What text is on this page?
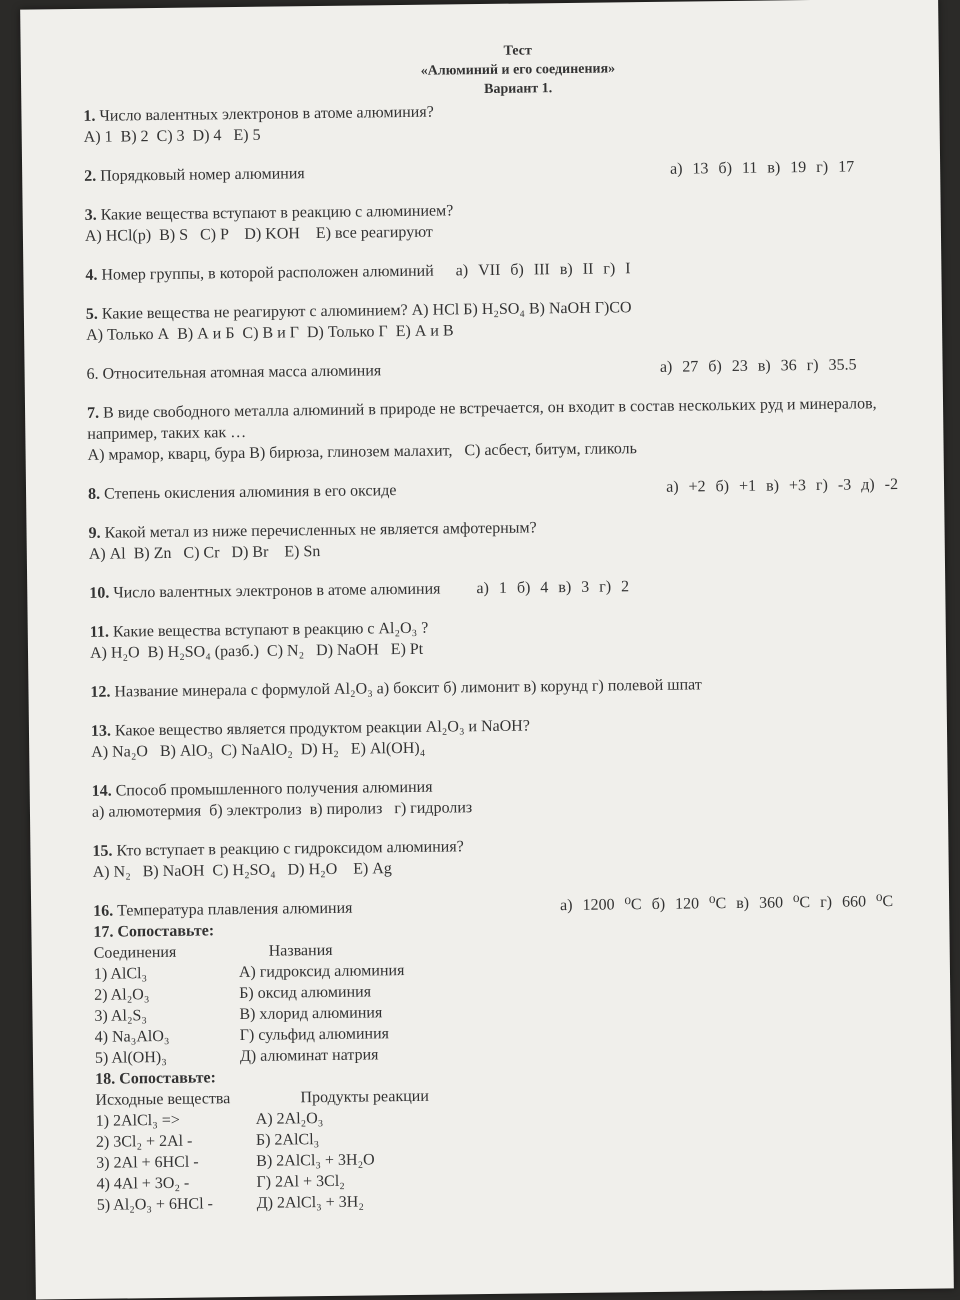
Тест
«Алюминий и его соединения»
Вариант 1.
1. Число валентных электронов в атоме алюминия?
А) 1  В) 2  С) 3  D) 4   Е) 5
2. Порядковый номер алюминия	а) 13 б) 11 в) 19 г) 17
3. Какие вещества вступают в реакцию с алюминием?
А) HCl(р)  В) S   С) P    D) KOH    Е) все реагируют
4. Номер группы, в которой расположен алюминий а) VII б) III в) II г) I
5. Какие вещества не реагируют с алюминием? А) HCl Б) H₂SO₄ В) NaOH Г)CO
А) Только А  В) А и Б  С) В и Г  D) Только Г  Е) А и В
6. Относительная атомная масса алюминия	а) 27 б) 23 в) 36 г) 35.5
7. В виде свободного металла алюминий в природе не встречается, он входит в состав нескольких руд и минералов, например, таких как …
А) мрамор, кварц, бура В) бирюза, глинозем малахит,   С) асбест, битум, гликоль
8. Степень окисления алюминия в его оксиде	а) +2 б) +1 в) +3 г) -3 д) -2
9. Какой метал из ниже перечисленных не является амфотерным?
А) Al  В) Zn   С) Cr   D) Br    Е) Sn
10. Число валентных электронов в атоме алюминия а) 1 б) 4 в) 3 г) 2
11. Какие вещества вступают в реакцию с Al₂O₃ ?
А) H₂O  В) H₂SO₄ (разб.)  С) N₂   D) NaOH   Е) Pt
12. Название минерала с формулой Al₂O₃ а) боксит б) лимонит в) корунд г) полевой шпат
13. Какое вещество является продуктом реакции Al₂O₃ и NaOH?
А) Na₂O   В) AlO₃  С) NaAlO₂  D) H₂   Е) Al(OH)₄
14. Способ промышленного получения алюминия
а) алюмотермия  б) электролиз  в) пиролиз   г) гидролиз
15. Кто вступает в реакцию с гидроксидом алюминия?
А) N₂   В) NaOH  С) H₂SO₄   D) H₂O    Е) Ag
16. Температура плавления алюминия	а) 1200 ⁰С б) 120 ⁰С в) 360 ⁰С г) 660 ⁰С
17. Сопоставьте:
Соединения	Названия
1) AlCl₃	А) гидроксид алюминия
2) Al₂O₃	Б) оксид алюминия
3) Al₂S₃	В) хлорид алюминия
4) Na₃AlO₃	Г) сульфид алюминия
5) Al(OH)₃	Д) алюминат натрия
18. Сопоставьте:
Исходные вещества	Продукты реакции
1) 2AlCl₃ =>	А) 2Al₂O₃
2) 3Cl₂ + 2Al -	Б) 2AlCl₃
3) 2Al + 6HCl -	В) 2AlCl₃ + 3H₂O
4) 4Al + 3O₂ -	Г) 2Al + 3Cl₂
5) Al₂O₃ + 6HCl -	Д) 2AlCl₃ + 3H₂
